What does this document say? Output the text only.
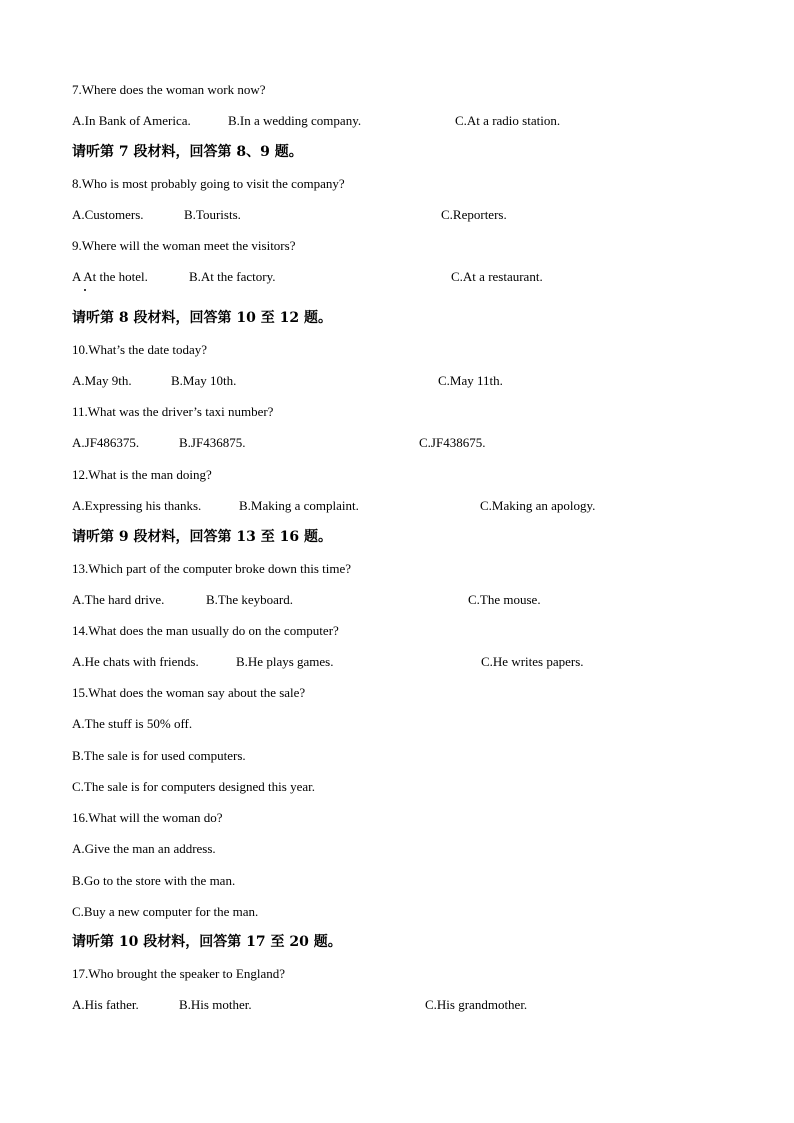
7.Where does the woman work now?
A.In Bank of America.	B.In a wedding company.	C.At a radio station.
请听第 7 段材料，回答第 8、9 题。
8.Who is most probably going to visit the company?
A.Customers.	B.Tourists.	C.Reporters.
9.Where will the woman meet the visitors?
A At the hotel.	B.At the factory.	C.At a restaurant.
请听第 8 段材料，回答第 10 至 12 题。
10.What’s the date today?
A.May 9th.	B.May 10th.	C.May 11th.
11.What was the driver’s taxi number?
A.JF486375.	B.JF436875.	C.JF438675.
12.What is the man doing?
A.Expressing his thanks.	B.Making a complaint.	C.Making an apology.
请听第 9 段材料，回答第 13 至 16 题。
13.Which part of the computer broke down this time?
A.The hard drive.	B.The keyboard.	C.The mouse.
14.What does the man usually do on the computer?
A.He chats with friends.	B.He plays games.	C.He writes papers.
15.What does the woman say about the sale?
A.The stuff is 50% off.
B.The sale is for used computers.
C.The sale is for computers designed this year.
16.What will the woman do?
A.Give the man an address.
B.Go to the store with the man.
C.Buy a new computer for the man.
请听第 10 段材料，回答第 17 至 20 题。
17.Who brought the speaker to England?
A.His father.	B.His mother.	C.His grandmother.
